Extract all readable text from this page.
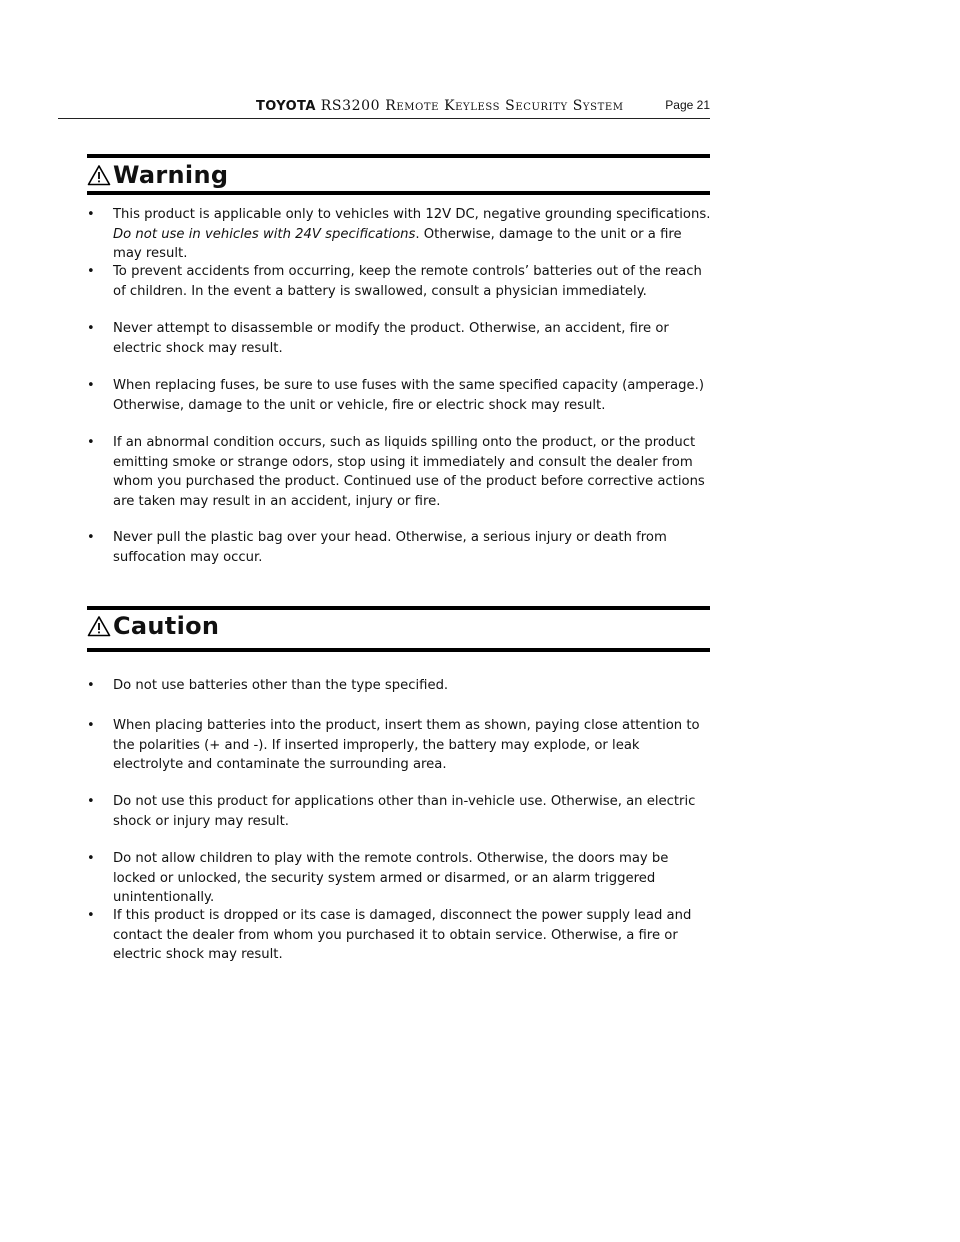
TOYOTA RS3200 Remote Keyless Security System	Page 21
Warning
• This product is applicable only to vehicles with 12V DC, negative grounding specifications. Do not use in vehicles with 24V specifications. Otherwise, damage to the unit or a fire may result.
• To prevent accidents from occurring, keep the remote controls’ batteries out of the reach of children. In the event a battery is swallowed, consult a physician immediately.
• Never attempt to disassemble or modify the product. Otherwise, an accident, fire or electric shock may result.
• When replacing fuses, be sure to use fuses with the same specified capacity (amperage.) Otherwise, damage to the unit or vehicle, fire or electric shock may result.
• If an abnormal condition occurs, such as liquids spilling onto the product, or the product emitting smoke or strange odors, stop using it immediately and consult the dealer from whom you purchased the product. Continued use of the product before corrective actions are taken may result in an accident, injury or fire.
• Never pull the plastic bag over your head. Otherwise, a serious injury or death from suffocation may occur.
Caution
• Do not use batteries other than the type specified.
• When placing batteries into the product, insert them as shown, paying close attention to the polarities (+ and -). If inserted improperly, the battery may explode, or leak electrolyte and contaminate the surrounding area.
• Do not use this product for applications other than in-vehicle use. Otherwise, an electric shock or injury may result.
• Do not allow children to play with the remote controls. Otherwise, the doors may be locked or unlocked, the security system armed or disarmed, or an alarm triggered unintentionally.
• If this product is dropped or its case is damaged, disconnect the power supply lead and contact the dealer from whom you purchased it to obtain service. Otherwise, a fire or electric shock may result.
